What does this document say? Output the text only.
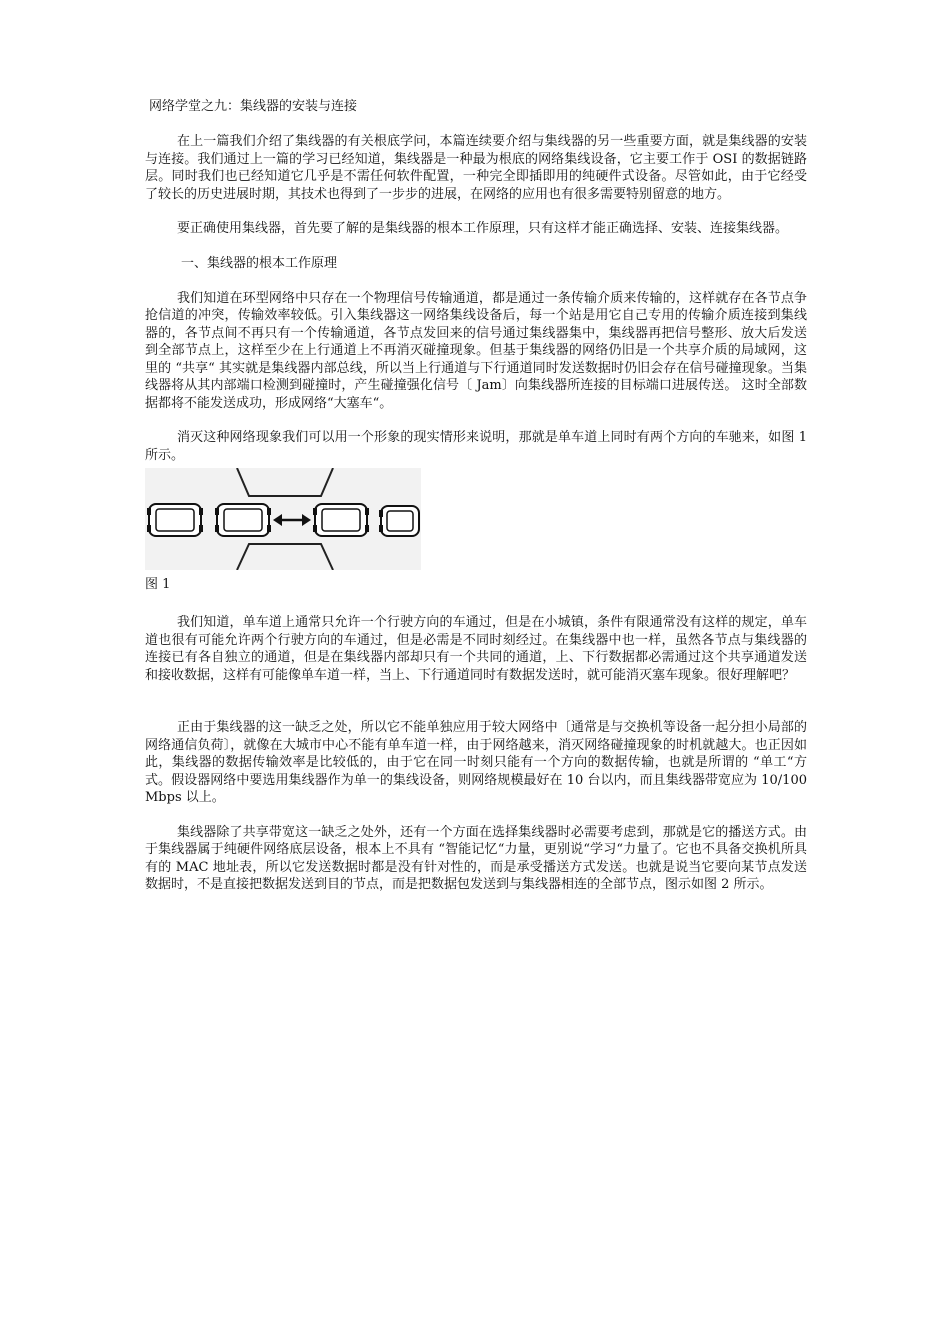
网络学堂之九：集线器的安装与连接

在上一篇我们介绍了集线器的有关根底学问，本篇连续要介绍与集线器的另一些重要方面，就是集线器的安装与连接。我们通过上一篇的学习已经知道，集线器是一种最为根底的网络集线设备，它主要工作于 OSI 的数据链路层。同时我们也已经知道它几乎是不需任何软件配置，一种完全即插即用的纯硬件式设备。尽管如此，由于它经受了较长的历史进展时期，其技术也得到了一步步的进展，在网络的应用也有很多需要特别留意的地方。

要正确使用集线器，首先要了解的是集线器的根本工作原理，只有这样才能正确选择、安装、连接集线器。

一、集线器的根本工作原理

我们知道在环型网络中只存在一个物理信号传输通道，都是通过一条传输介质来传输的，这样就存在各节点争抢信道的冲突，传输效率较低。引入集线器这一网络集线设备后，每一个站是用它自己专用的传输介质连接到集线器的，各节点间不再只有一个传输通道，各节点发回来的信号通过集线器集中，集线器再把信号整形、放大后发送到全部节点上，这样至少在上行通道上不再消灭碰撞现象。但基于集线器的网络仍旧是一个共享介质的局域网，这里的 “共享“ 其实就是集线器内部总线，所以当上行通道与下行通道同时发送数据时仍旧会存在信号碰撞现象。当集线器将从其内部端口检测到碰撞时，产生碰撞强化信号〔 Jam〕向集线器所连接的目标端口进展传送。 这时全部数据都将不能发送成功，形成网络“大塞车“。

消灭这种网络现象我们可以用一个形象的现实情形来说明，那就是单车道上同时有两个方向的车驰来，如图 1 所示。

图 1

我们知道，单车道上通常只允许一个行驶方向的车通过，但是在小城镇，条件有限通常没有这样的规定，单车道也很有可能允许两个行驶方向的车通过，但是必需是不同时刻经过。在集线器中也一样，虽然各节点与集线器的连接已有各自独立的通道，但是在集线器内部却只有一个共同的通道，上、下行数据都必需通过这个共享通道发送和接收数据，这样有可能像单车道一样，当上、下行通道同时有数据发送时，就可能消灭塞车现象。很好理解吧？

正由于集线器的这一缺乏之处，所以它不能单独应用于较大网络中〔通常是与交换机等设备一起分担小局部的网络通信负荷〕，就像在大城市中心不能有单车道一样，由于网络越来，消灭网络碰撞现象的时机就越大。也正因如此，集线器的数据传输效率是比较低的，由于它在同一时刻只能有一个方向的数据传输，也就是所谓的 “单工“方式。假设器网络中要选用集线器作为单一的集线设备，则网络规模最好在 10 台以内，而且集线器带宽应为 10/100Mbps 以上。

集线器除了共享带宽这一缺乏之处外，还有一个方面在选择集线器时必需要考虑到，那就是它的播送方式。由于集线器属于纯硬件网络底层设备，根本上不具有 “智能记忆“力量，更别说“学习“力量了。它也不具备交换机所具有的 MAC 地址表，所以它发送数据时都是没有针对性的，而是承受播送方式发送。也就是说当它要向某节点发送数据时，不是直接把数据发送到目的节点，而是把数据包发送到与集线器相连的全部节点，图示如图 2 所示。
